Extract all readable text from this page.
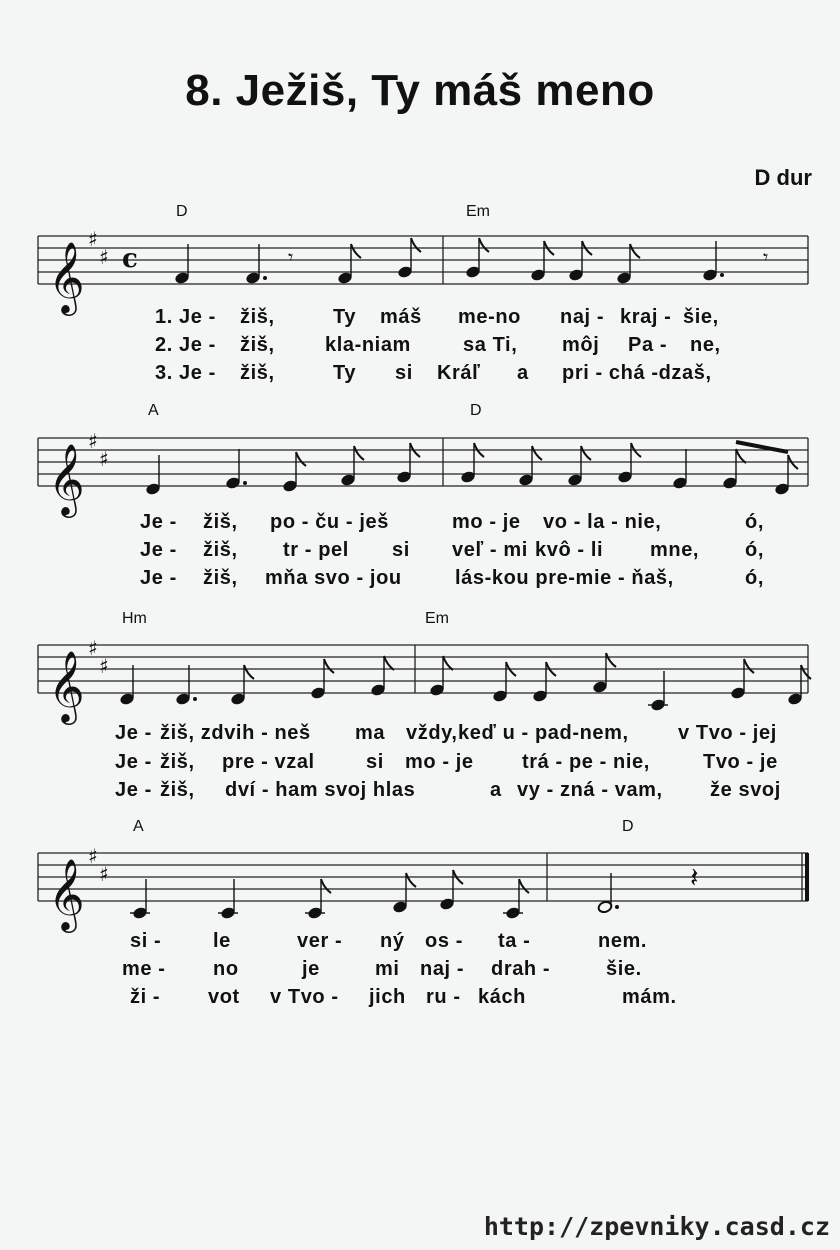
8. Ježiš, Ty máš meno
D dur
D	Em
A	D
Hm	Em
A	D
𝄞
♯
♯ c
𝄞
♯
♯
𝄞
♯
♯
𝄞
♯
♯
𝄾	𝄾
𝄽
1. Je - žiš,	Ty máš me-no naj - kraj - šie,
2. Je - žiš,	kla-niam	sa Ti, môj Pa - ne,
3. Je - žiš,	Ty si Kráľ a pri - chá -dzaš,
Je - žiš, po - ču - ješ	mo - je vo - la - nie,	ó,
Je - žiš, tr - pel si veľ - mi kvô - li mne, ó,
Je - žiš, mňa svo - jou	lás-kou pre-mie - ňaš,	ó,
Je - žiš, zdvih - neš ma vždy, keď u - pad-nem, v Tvo - jej
Je - žiš, pre - vzal	si mo - je trá - pe - nie,	Tvo - je
Je - žiš, dví - ham svoj hlas	a vy - zná - vam, že svoj
si -	le	ver - ný os - ta -	nem.
me - no	je	mi naj - drah -	šie.
ži - vot v Tvo - jich ru - kách	mám.
http://zpevniky.casd.cz
